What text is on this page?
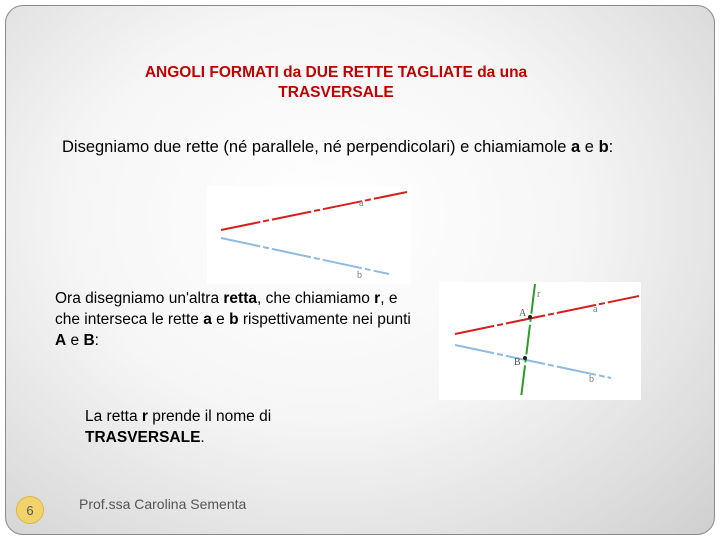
ANGOLI FORMATI da DUE RETTE TAGLIATE da una
TRASVERSALE
Disegniamo due rette (né parallele, né perpendicolari) e chiamiamole a e b:
a
b
Ora disegniamo un'altra retta, che chiamiamo r, e che interseca le rette a e b rispettivamente nei punti A e B:
r
a
b
A
B
La retta r prende il nome di TRASVERSALE.
6	Prof.ssa Carolina Sementa
